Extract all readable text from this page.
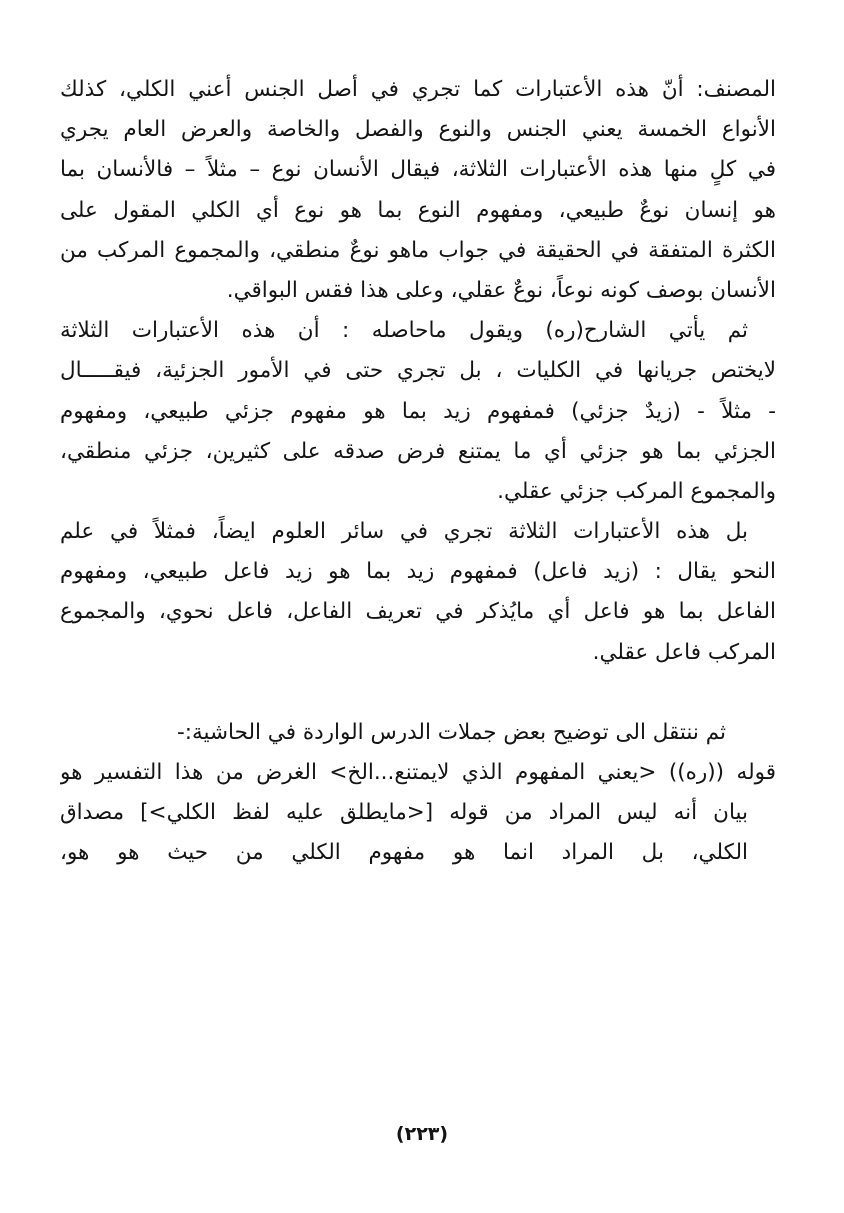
المصنف: أنّ هذه الأعتبارات كما تجري في أصل الجنس أعني الكلي، كذلك
الأنواع الخمسة يعني الجنس والنوع والفصل والخاصة والعرض العام يجري
في كلٍ منها هذه الأعتبارات الثلاثة، فيقال الأنسان نوع – مثلاً – فالأنسان بما
هو إنسان نوعٌ طبيعي، ومفهوم النوع بما هو نوع أي الكلي المقول على
الكثرة المتفقة في الحقيقة في جواب ماهو نوعٌ منطقي، والمجموع المركب من
الأنسان بوصف كونه نوعاً، نوعٌ عقلي، وعلى هذا فقس البواقي.
ثم يأتي الشارح(ره) ويقول ماحاصله : أن هذه الأعتبارات الثلاثة
لايختص جريانها في الكليات ، بل تجري حتى في الأمور الجزئية، فيقـــــال
- مثلاً - (زيدٌ جزئي) فمفهوم زيد بما هو مفهوم جزئي طبيعي، ومفهوم
الجزئي بما هو جزئي أي ما يمتنع فرض صدقه على كثيرين، جزئي منطقي،
والمجموع المركب جزئي عقلي.
بل هذه الأعتبارات الثلاثة تجري في سائر العلوم ايضاً، فمثلاً في علم
النحو يقال : (زيد فاعل) فمفهوم زيد بما هو زيد فاعل طبيعي، ومفهوم
الفاعل بما هو فاعل أي مايُذكر في تعريف الفاعل، فاعل نحوي، والمجموع
المركب فاعل عقلي.
ثم ننتقل الى توضيح بعض جملات الدرس الواردة في الحاشية:-
قوله ((ره)) <يعني المفهوم الذي لايمتنع...الخ> الغرض من هذا التفسير هو
بيان أنه ليس المراد من قوله [<مايطلق عليه لفظ الكلي>] مصداق
الكلي، بل المراد انما هو مفهوم الكلي من حيث هو هو،
(٢٢٣)
